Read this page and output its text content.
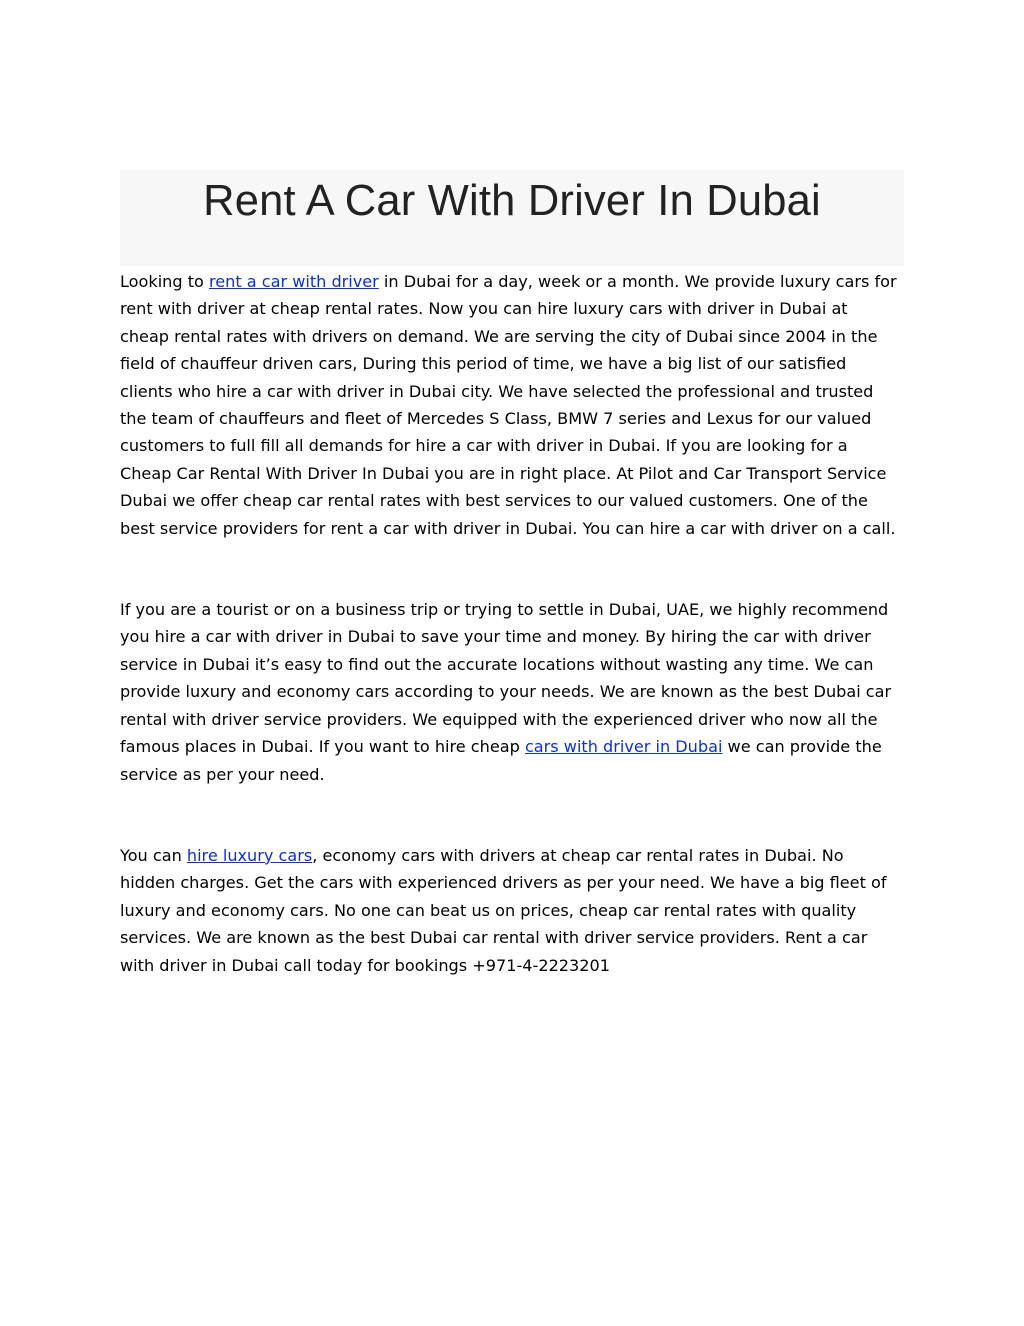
Rent A Car With Driver In Dubai

Looking to rent a car with driver in Dubai for a day, week or a month. We provide luxury cars for
rent with driver at cheap rental rates. Now you can hire luxury cars with driver in Dubai at
cheap rental rates with drivers on demand. We are serving the city of Dubai since 2004 in the
field of chauffeur driven cars, During this period of time, we have a big list of our satisfied
clients who hire a car with driver in Dubai city. We have selected the professional and trusted
the team of chauffeurs and fleet of Mercedes S Class, BMW 7 series and Lexus for our valued
customers to full fill all demands for hire a car with driver in Dubai. If you are looking for a
Cheap Car Rental With Driver In Dubai you are in right place. At Pilot and Car Transport Service
Dubai we offer cheap car rental rates with best services to our valued customers. One of the
best service providers for rent a car with driver in Dubai. You can hire a car with driver on a call.

If you are a tourist or on a business trip or trying to settle in Dubai, UAE, we highly recommend
you hire a car with driver in Dubai to save your time and money. By hiring the car with driver
service in Dubai it’s easy to find out the accurate locations without wasting any time. We can
provide luxury and economy cars according to your needs. We are known as the best Dubai car
rental with driver service providers. We equipped with the experienced driver who now all the
famous places in Dubai. If you want to hire cheap cars with driver in Dubai we can provide the
service as per your need.

You can hire luxury cars, economy cars with drivers at cheap car rental rates in Dubai. No
hidden charges. Get the cars with experienced drivers as per your need. We have a big fleet of
luxury and economy cars. No one can beat us on prices, cheap car rental rates with quality
services. We are known as the best Dubai car rental with driver service providers. Rent a car
with driver in Dubai call today for bookings +971-4-2223201
